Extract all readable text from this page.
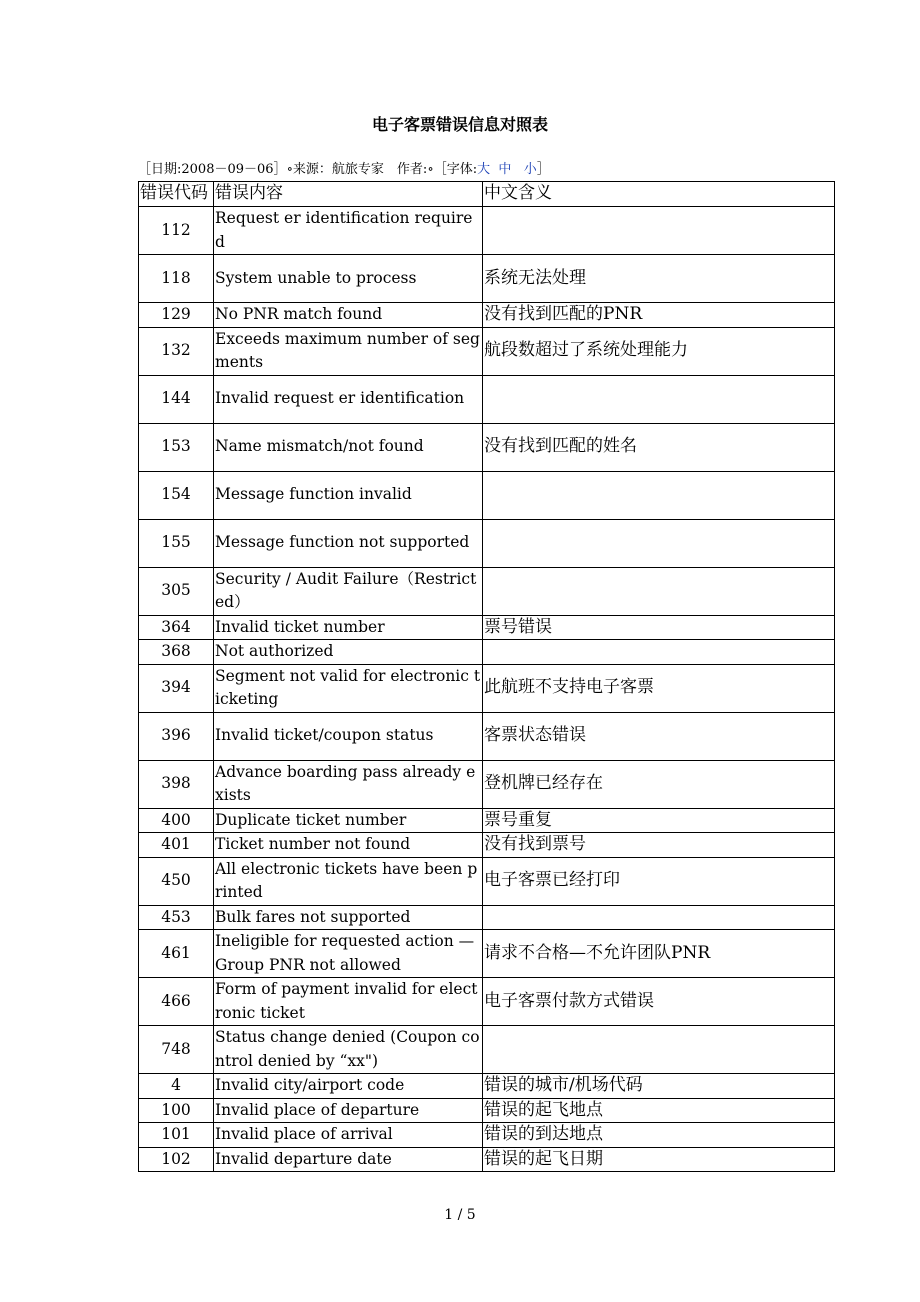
电子客票错误信息对照表
［日期:2008－09－06］∘来源：航旅专家　作者:∘［字体:大 中 小］
错误代码	错误内容	中文含义
112	Request er identification required	
118	System unable to process	系统无法处理
129	No PNR match found	没有找到匹配的PNR
132	Exceeds maximum number of segments	航段数超过了系统处理能力
144	Invalid request er identification	
153	Name mismatch/not found	没有找到匹配的姓名
154	Message function invalid	
155	Message function not supported	
305	Security / Audit Failure（Restricted）	
364	Invalid ticket number	票号错误
368	Not authorized	
394	Segment not valid for electronic ticketing	此航班不支持电子客票
396	Invalid ticket/coupon status	客票状态错误
398	Advance boarding pass already exists	登机牌已经存在
400	Duplicate ticket number	票号重复
401	Ticket number not found	没有找到票号
450	All electronic tickets have been printed	电子客票已经打印
453	Bulk fares not supported	
461	Ineligible for requested action — Group PNR not allowed	请求不合格—不允许团队PNR
466	Form of payment invalid for electronic ticket	电子客票付款方式错误
748	Status change denied (Coupon control denied by “xx")	
4	Invalid city/airport code	错误的城市/机场代码
100	Invalid place of departure	错误的起飞地点
101	Invalid place of arrival	错误的到达地点
102	Invalid departure date	错误的起飞日期
1 / 5
